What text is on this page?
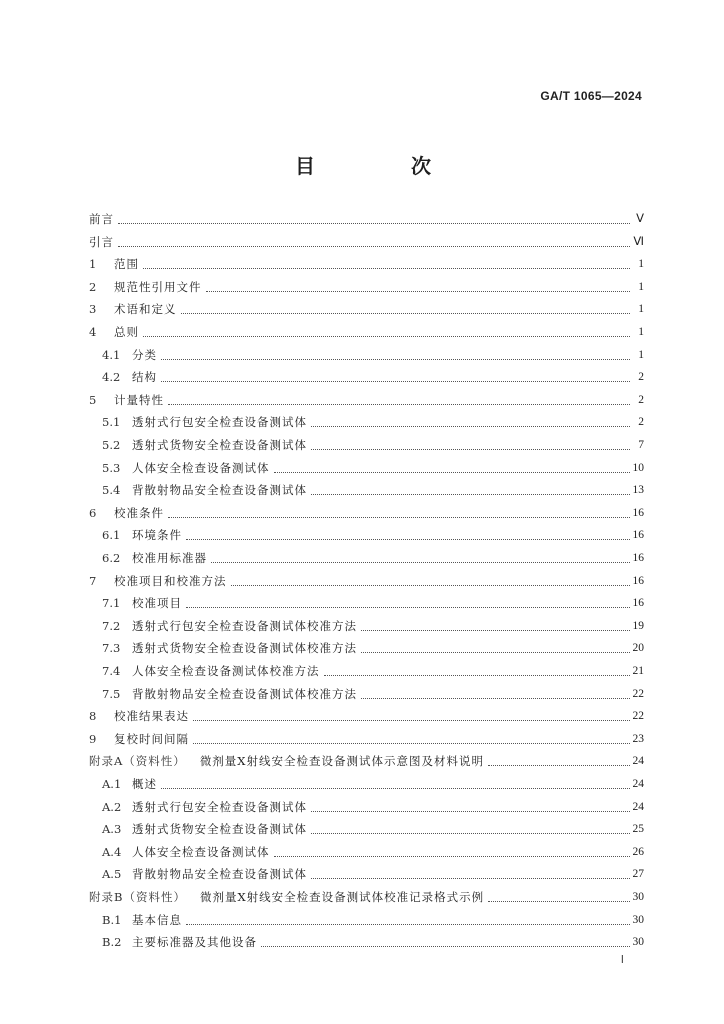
GA/T 1065—2024
目　次
前言	Ⅴ
引言	Ⅵ
1	范围	1
2	规范性引用文件	1
3	术语和定义	1
4	总则	1
4.1	分类	1
4.2	结构	2
5	计量特性	2
5.1	透射式行包安全检查设备测试体	2
5.2	透射式货物安全检查设备测试体	7
5.3	人体安全检查设备测试体	10
5.4	背散射物品安全检查设备测试体	13
6	校准条件	16
6.1	环境条件	16
6.2	校准用标准器	16
7	校准项目和校准方法	16
7.1	校准项目	16
7.2	透射式行包安全检查设备测试体校准方法	19
7.3	透射式货物安全检查设备测试体校准方法	20
7.4	人体安全检查设备测试体校准方法	21
7.5	背散射物品安全检查设备测试体校准方法	22
8	校准结果表达	22
9	复校时间间隔	23
附录A（资料性） 微剂量X射线安全检查设备测试体示意图及材料说明	24
A.1 概述	24
A.2 透射式行包安全检查设备测试体	24
A.3 透射式货物安全检查设备测试体	25
A.4 人体安全检查设备测试体	26
A.5 背散射物品安全检查设备测试体	27
附录B（资料性） 微剂量X射线安全检查设备测试体校准记录格式示例	30
B.1 基本信息	30
B.2 主要标准器及其他设备	30
Ⅰ
